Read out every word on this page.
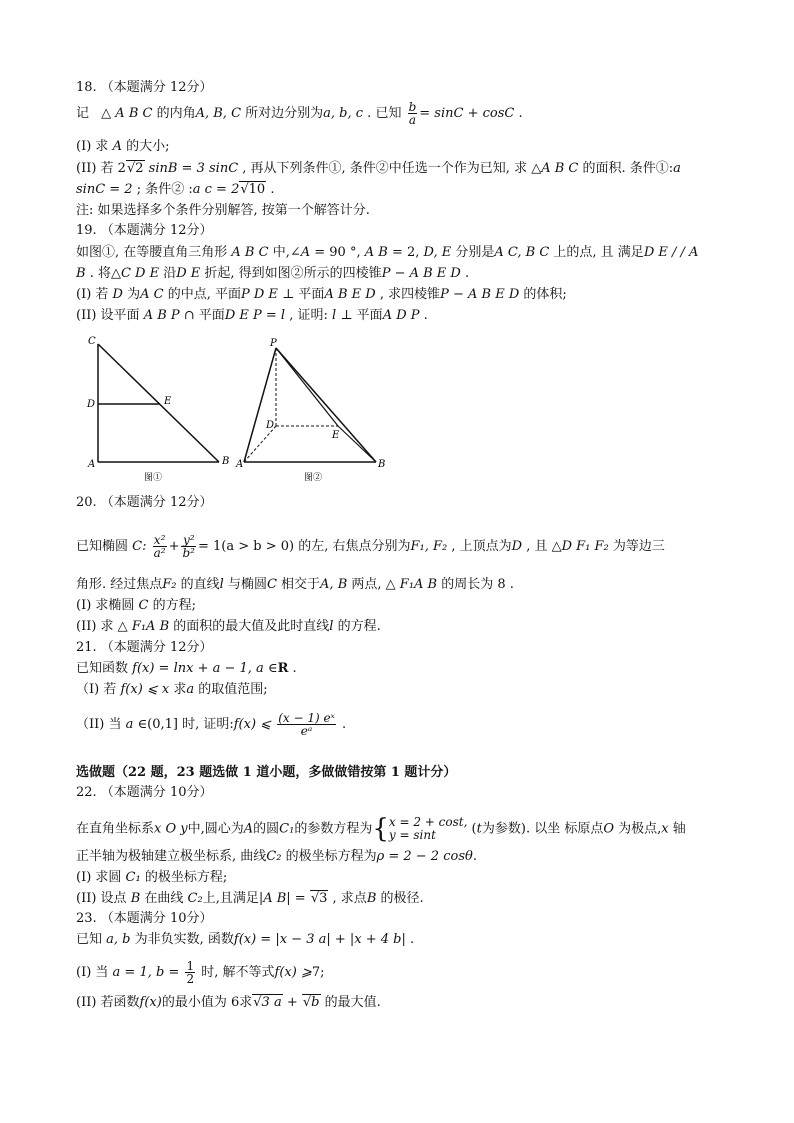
18. （本题满分 12分）
记 △ A B C 的内角A, B, C 所对边分别为a, b, c . 已知 $\frac{b}{a} = \sin C + \cos C$ .
(I) 求 A 的大小;
(II) 若 2√2 sinB = 3 sinC , 再从下列条件①, 条件②中任选一个作为已知, 求 △A B C 的面积. 条件①:a
sinC = 2 ; 条件② :a c = 2√10 .
注: 如果选择多个条件分别解答, 按第一个解答计分.
19. （本题满分 12分）
如图①, 在等腰直角三角形 A B C 中,∠A = 90 °, A B = 2, D, E 分别是A C, B C 上的点, 且 满足D E / / A
B . 将△C D E 沿D E 折起, 得到如图②所示的四棱锥P − A B E D .
(I) 若 D 为A C 的中点, 平面P D E ⊥ 平面A B E D , 求四棱锥P − A B E D 的体积;
(II) 设平面 A B P ∩ 平面D E P = l , 证明: l ⊥ 平面A D P .
C
D	E
A	B
图①
P
D
E
A	B
图②
20. （本题满分 12分）
已知椭圆 C: $\frac{\text{x²}}{\text{a²}} + \frac{\text{y²}}{\text{b²}} = 1(a > b > 0)$ 的左, 右焦点分别为F₁, F₂ , 上顶点为D , 且 △D F₁ F₂ 为等边三
角形. 经过焦点F₂ 的直线l 与椭圆C 相交于A, B 两点, △ F₁A B 的周长为 8 .
(I) 求椭圆 C 的方程;
(II) 求 △ F₁A B 的面积的最大值及此时直线l 的方程.
21. （本题满分 12分）
已知函数 f(x) = lnx + a − 1, a ∈R .
（I) 若 f(x) ⩽ x 求a 的取值范围;
（II) 当 a ∈(0,1] 时, 证明:f(x) ⩽ $\frac{\text{(x − 1) eˣ}}{\text{eᵃ}}$ .
选做题（22 题，23 题选做 1 道小题，多做做错按第 1 题计分）
22. （本题满分 10分）
在直角坐标系x O y中,圆心为A的圆C₁的参数方程为{x = 2 + cost,
y = sint (t为参数). 以坐 标原点O 为极点,x 轴
正半轴为极轴建立极坐标系, 曲线C₂ 的极坐标方程为ρ = 2 − 2 cosθ.
(I) 求圆 C₁ 的极坐标方程;
(II) 设点 B 在曲线 C₂上,且满足|A B| = √3 , 求点B 的极径.
23. （本题满分 10分）
已知 a, b 为非负实数, 函数f(x) = |x − 3 a| + |x + 4 b| .
(I) 当 a = 1, $b = \frac{1}{2}$ 时, 解不等式f(x) ⩾7;
(II) 若函数f(x)的最小值为 6求√3 a + √b 的最大值.
